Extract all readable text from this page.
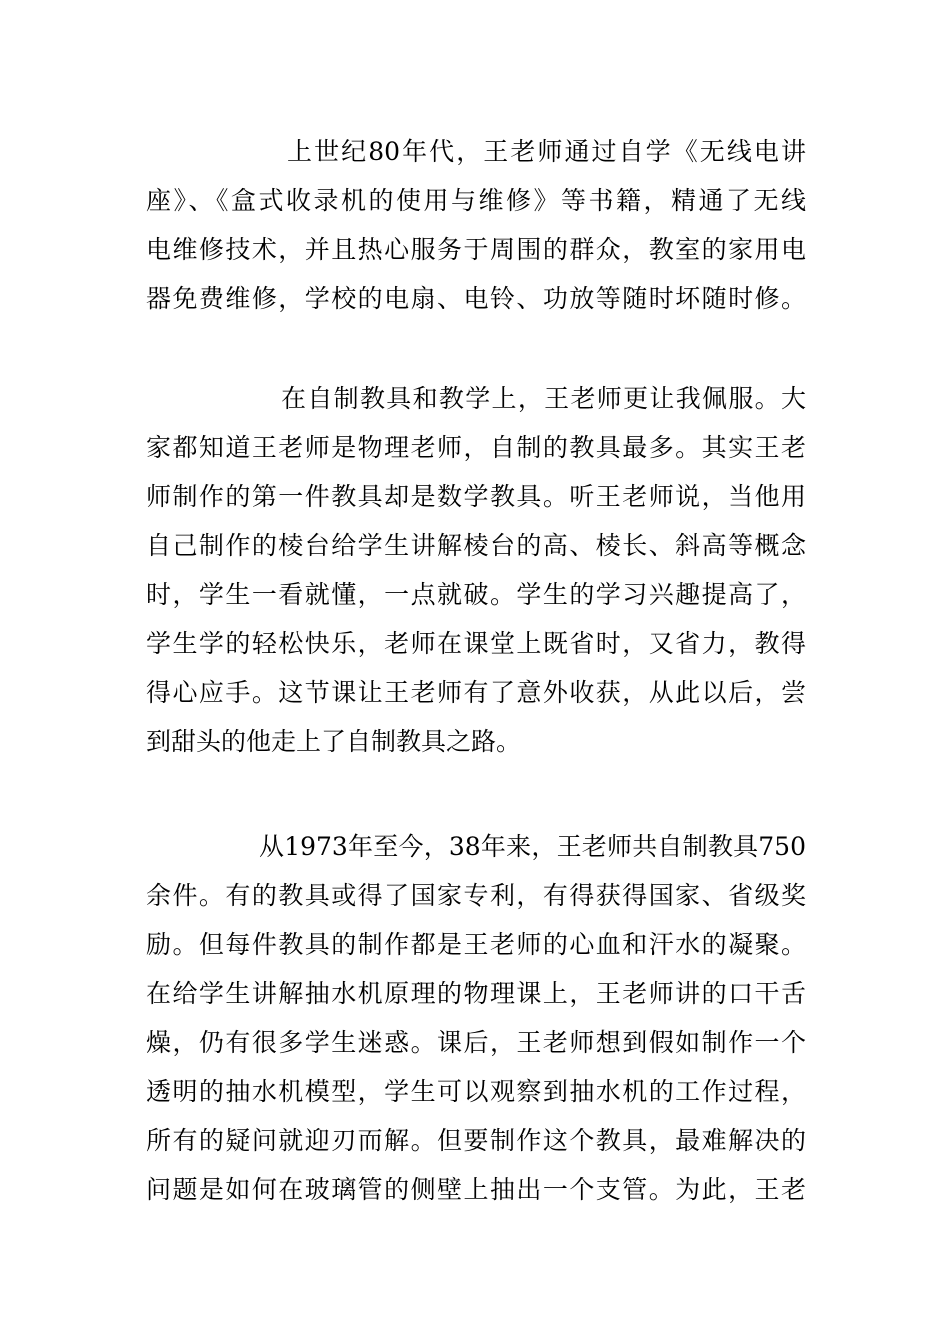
上世纪80年代，王老师通过自学《无线电讲
座》、《盒式收录机的使用与维修》等书籍，精通了无线
电维修技术，并且热心服务于周围的群众，教室的家用电
器免费维修，学校的电扇、电铃、功放等随时坏随时修。

在自制教具和教学上，王老师更让我佩服。大
家都知道王老师是物理老师，自制的教具最多。其实王老
师制作的第一件教具却是数学教具。听王老师说，当他用
自己制作的棱台给学生讲解棱台的高、棱长、斜高等概念
时，学生一看就懂，一点就破。学生的学习兴趣提高了，
学生学的轻松快乐，老师在课堂上既省时，又省力，教得
得心应手。这节课让王老师有了意外收获，从此以后，尝
到甜头的他走上了自制教具之路。

从1973年至今，38年来，王老师共自制教具750
余件。有的教具或得了国家专利，有得获得国家、省级奖
励。但每件教具的制作都是王老师的心血和汗水的凝聚。
在给学生讲解抽水机原理的物理课上，王老师讲的口干舌
燥，仍有很多学生迷惑。课后，王老师想到假如制作一个
透明的抽水机模型，学生可以观察到抽水机的工作过程，
所有的疑问就迎刃而解。但要制作这个教具，最难解决的
问题是如何在玻璃管的侧壁上抽出一个支管。为此，王老
